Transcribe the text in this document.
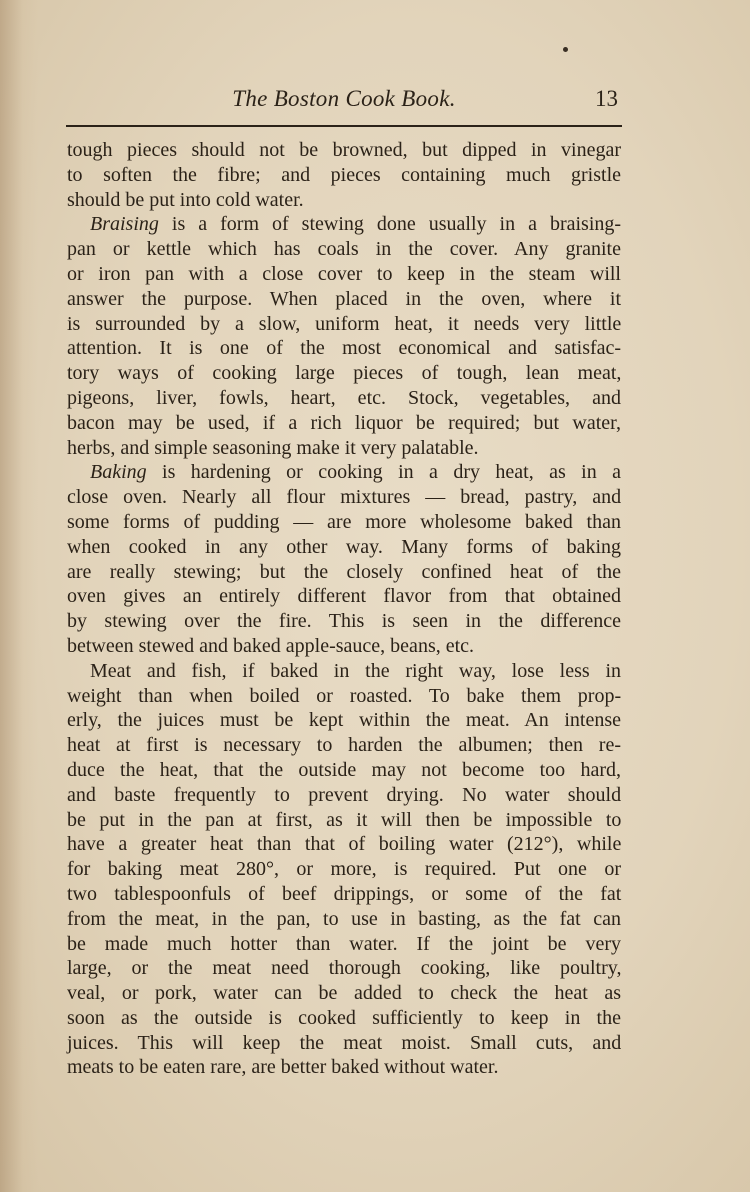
The Boston Cook Book.	13
tough pieces should not be browned, but dipped in vinegar
to soften the fibre; and pieces containing much gristle
should be put into cold water.
Braising is a form of stewing done usually in a braising-
pan or kettle which has coals in the cover. Any granite
or iron pan with a close cover to keep in the steam will
answer the purpose. When placed in the oven, where it
is surrounded by a slow, uniform heat, it needs very little
attention. It is one of the most economical and satisfac-
tory ways of cooking large pieces of tough, lean meat,
pigeons, liver, fowls, heart, etc. Stock, vegetables, and
bacon may be used, if a rich liquor be required; but water,
herbs, and simple seasoning make it very palatable.
Baking is hardening or cooking in a dry heat, as in a
close oven. Nearly all flour mixtures — bread, pastry, and
some forms of pudding — are more wholesome baked than
when cooked in any other way. Many forms of baking
are really stewing; but the closely confined heat of the
oven gives an entirely different flavor from that obtained
by stewing over the fire. This is seen in the difference
between stewed and baked apple-sauce, beans, etc.
Meat and fish, if baked in the right way, lose less in
weight than when boiled or roasted. To bake them prop-
erly, the juices must be kept within the meat. An intense
heat at first is necessary to harden the albumen; then re-
duce the heat, that the outside may not become too hard,
and baste frequently to prevent drying. No water should
be put in the pan at first, as it will then be impossible to
have a greater heat than that of boiling water (212°), while
for baking meat 280°, or more, is required. Put one or
two tablespoonfuls of beef drippings, or some of the fat
from the meat, in the pan, to use in basting, as the fat can
be made much hotter than water. If the joint be very
large, or the meat need thorough cooking, like poultry,
veal, or pork, water can be added to check the heat as
soon as the outside is cooked sufficiently to keep in the
juices. This will keep the meat moist. Small cuts, and
meats to be eaten rare, are better baked without water.
